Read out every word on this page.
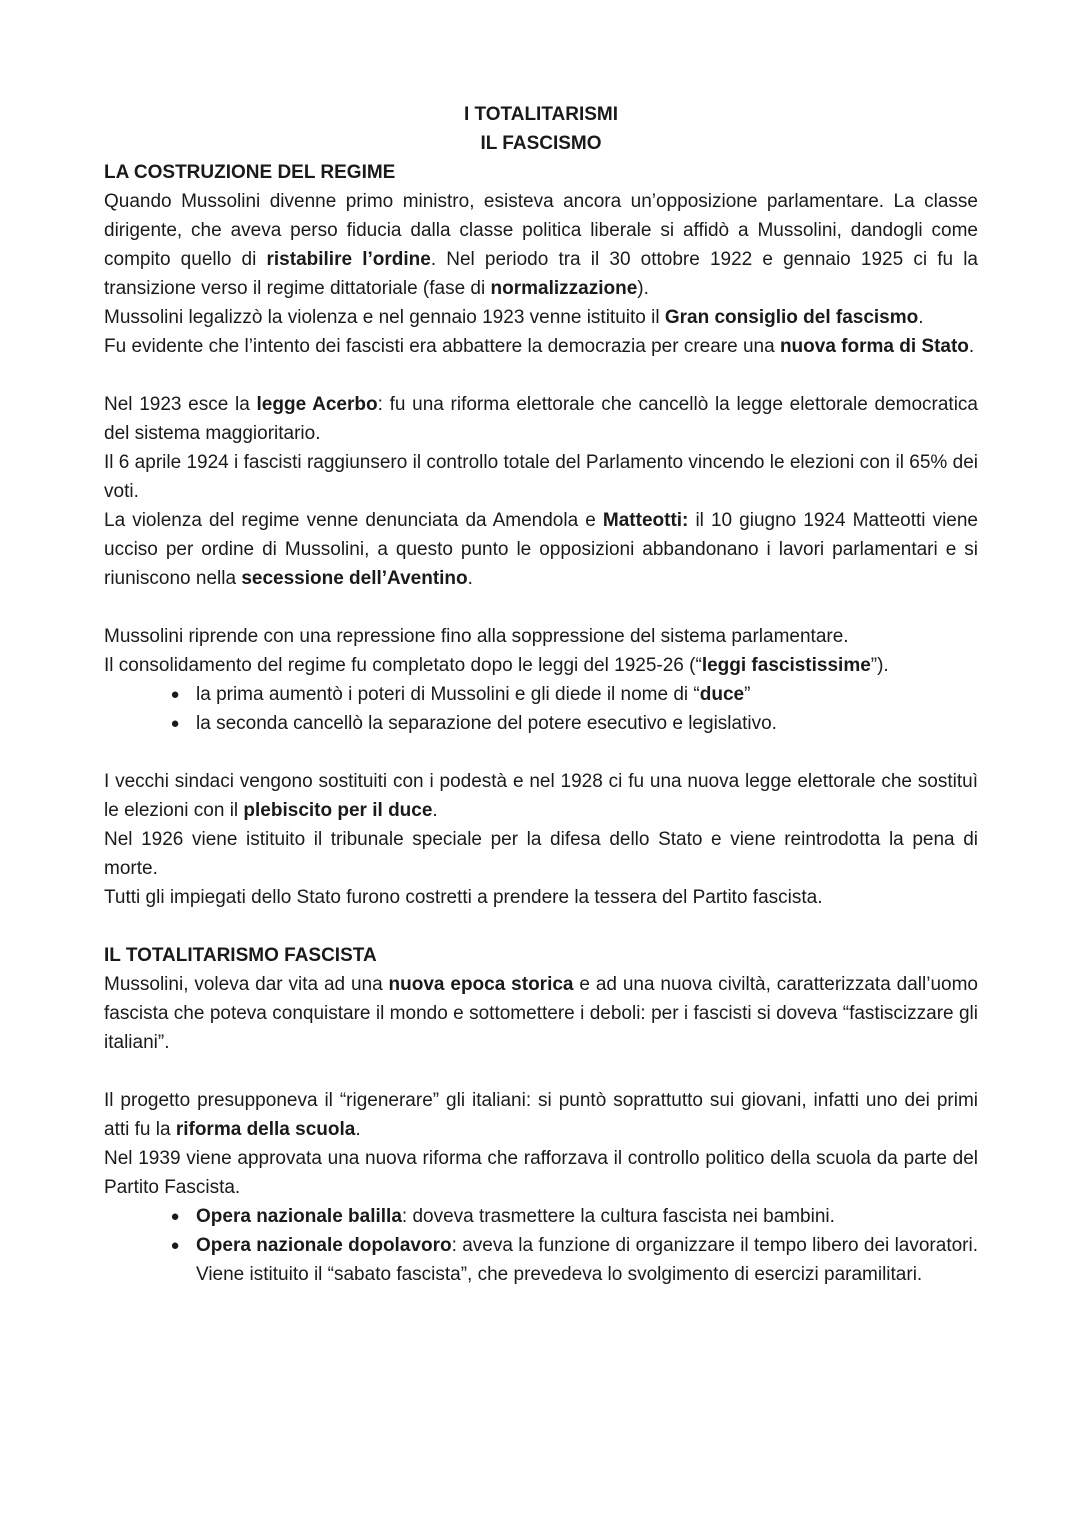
I TOTALITARISMI
IL FASCISMO
LA COSTRUZIONE DEL REGIME

Quando Mussolini divenne primo ministro, esisteva ancora un’opposizione parlamentare. La classe dirigente, che aveva perso fiducia dalla classe politica liberale si affidò a Mussolini, dandogli come compito quello di ristabilire l’ordine. Nel periodo tra il 30 ottobre 1922 e gennaio 1925 ci fu la transizione verso il regime dittatoriale (fase di normalizzazione).

Mussolini legalizzò la violenza e nel gennaio 1923 venne istituito il Gran consiglio del fascismo.

Fu evidente che l’intento dei fascisti era abbattere la democrazia per creare una nuova forma di Stato.

Nel 1923 esce la legge Acerbo: fu una riforma elettorale che cancellò la legge elettorale democratica del sistema maggioritario.

Il 6 aprile 1924 i fascisti raggiunsero il controllo totale del Parlamento vincendo le elezioni con il 65% dei voti.

La violenza del regime venne denunciata da Amendola e Matteotti: il 10 giugno 1924 Matteotti viene ucciso per ordine di Mussolini, a questo punto le opposizioni abbandonano i lavori parlamentari e si riuniscono nella secessione dell’Aventino.

Mussolini riprende con una repressione fino alla soppressione del sistema parlamentare.

Il consolidamento del regime fu completato dopo le leggi del 1925-26 (“leggi fascistissime”).

● la prima aumentò i poteri di Mussolini e gli diede il nome di “duce”
● la seconda cancellò la separazione del potere esecutivo e legislativo.

I vecchi sindaci vengono sostituiti con i podestà e nel 1928 ci fu una nuova legge elettorale che sostituì le elezioni con il plebiscito per il duce.

Nel 1926 viene istituito il tribunale speciale per la difesa dello Stato e viene reintrodotta la pena di morte.

Tutti gli impiegati dello Stato furono costretti a prendere la tessera del Partito fascista.

IL TOTALITARISMO FASCISTA

Mussolini, voleva dar vita ad una nuova epoca storica e ad una nuova civiltà, caratterizzata dall’uomo fascista che poteva conquistare il mondo e sottomettere i deboli: per i fascisti si doveva “fastiscizzare gli italiani”.

Il progetto presupponeva il “rigenerare” gli italiani: si puntò soprattutto sui giovani, infatti uno dei primi atti fu la riforma della scuola.

Nel 1939 viene approvata una nuova riforma che rafforzava il controllo politico della scuola da parte del Partito Fascista.

● Opera nazionale balilla: doveva trasmettere la cultura fascista nei bambini.
● Opera nazionale dopolavoro: aveva la funzione di organizzare il tempo libero dei lavoratori. Viene istituito il “sabato fascista”, che prevedeva lo svolgimento di esercizi paramilitari.
